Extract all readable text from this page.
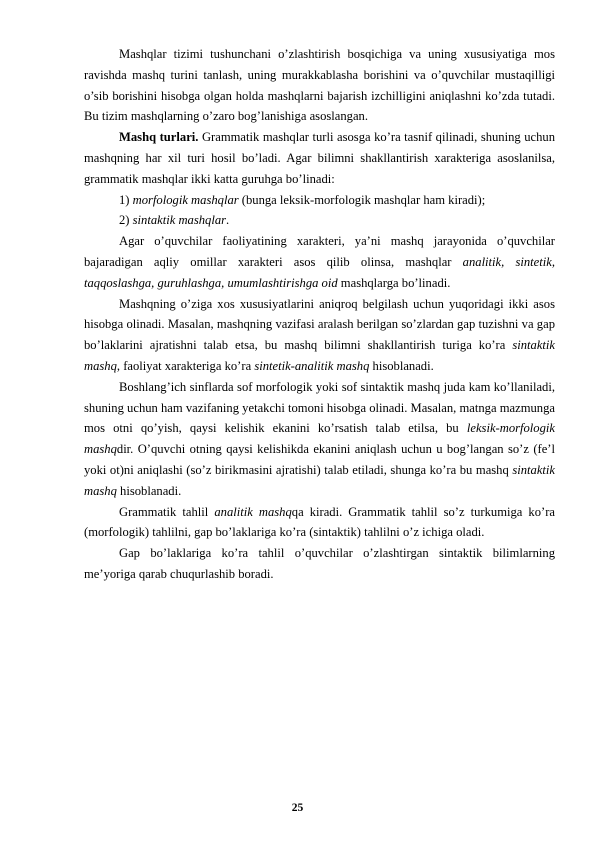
Mashqlar tizimi tushunchani o’zlashtirish bosqichiga va uning xususiyatiga mos ravishda mashq turini tanlash, uning murakkablasha borishini va o’quvchilar mustaqilligi o’sib borishini hisobga olgan holda mashqlarni bajarish izchilligini aniqlashni ko’zda tutadi. Bu tizim mashqlarning o’zaro bog’lanishiga asoslangan.

Mashq turlari. Grammatik mashqlar turli asosga ko’ra tasnif qilinadi, shuning uchun mashqning har xil turi hosil bo’ladi. Agar bilimni shakllantirish xarakteriga asoslanilsa, grammatik mashqlar ikki katta guruhga bo’linadi:

1) morfologik mashqlar (bunga leksik-morfologik mashqlar ham kiradi);

2) sintaktik mashqlar.

Agar o’quvchilar faoliyatining xarakteri, ya’ni mashq jarayonida o’quvchilar bajaradigan aqliy omillar xarakteri asos qilib olinsa, mashqlar analitik, sintetik, taqqoslashga, guruhlashga, umumlashtirishga oid mashqlarga bo’linadi.

Mashqning o’ziga xos xususiyatlarini aniqroq belgilash uchun yuqoridagi ikki asos hisobga olinadi. Masalan, mashqning vazifasi aralash berilgan so’zlardan gap tuzishni va gap bo’laklarini ajratishni talab etsa, bu mashq bilimni shakllantirish turiga ko’ra sintaktik mashq, faoliyat xarakteriga ko’ra sintetik-analitik mashq hisoblanadi.

Boshlang’ich sinflarda sof morfologik yoki sof sintaktik mashq juda kam ko’llaniladi, shuning uchun ham vazifaning yetakchi tomoni hisobga olinadi. Masalan, matnga mazmunga mos otni qo’yish, qaysi kelishik ekanini ko’rsatish talab etilsa, bu leksik-morfologik mashqdir. O’quvchi otning qaysi kelishikda ekanini aniqlash uchun u bog’langan so’z (fe’l yoki ot)ni aniqlashi (so’z birikmasini ajratishi) talab etiladi, shunga ko’ra bu mashq sintaktik mashq hisoblanadi.

Grammatik tahlil analitik mashqqa kiradi. Grammatik tahlil so’z turkumiga ko’ra (morfologik) tahlilni, gap bo’laklariga ko’ra (sintaktik) tahlilni o’z ichiga oladi.

Gap bo’laklariga ko’ra tahlil o’quvchilar o’zlashtirgan sintaktik bilimlarning me’yoriga qarab chuqurlashib boradi.

25
